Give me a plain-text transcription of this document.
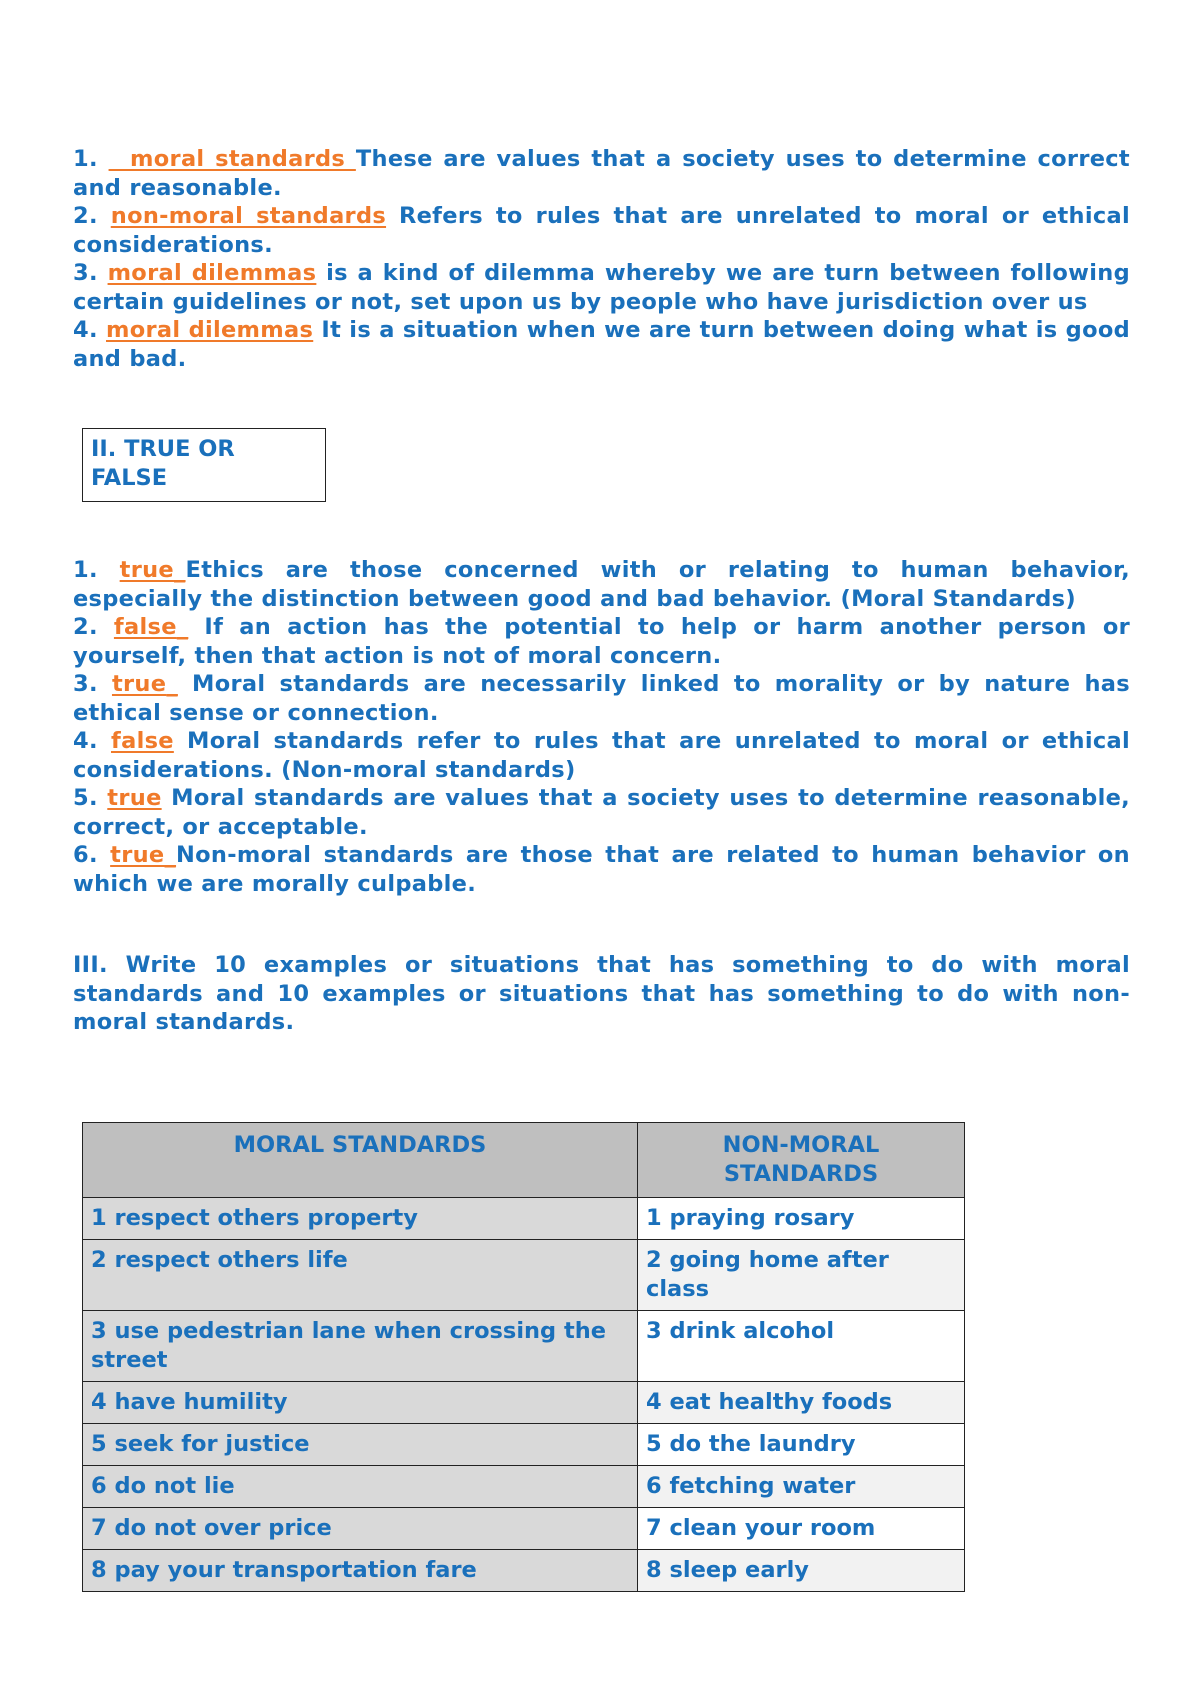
1.   moral standards These are values that a society uses to determine correct and reasonable.

2. non-moral standards Refers to rules that are unrelated to moral or ethical considerations.

3. moral dilemmas is a kind of dilemma whereby we are turn between following certain guidelines or not, set upon us by people who have jurisdiction over us

4. moral dilemmas It is a situation when we are turn between doing what is good and bad.

II. TRUE OR FALSE

1. true_Ethics are those concerned with or relating to human behavior, especially the distinction between good and bad behavior. (Moral Standards)

2. false_ If an action has the potential to help or harm another person or yourself, then that action is not of moral concern.

3. true_ Moral standards are necessarily linked to morality or by nature has ethical sense or connection.

4. false Moral standards refer to rules that are unrelated to moral or ethical considerations. (Non-moral standards)

5. true Moral standards are values that a society uses to determine reasonable, correct, or acceptable.

6. true_Non-moral standards are those that are related to human behavior on which we are morally culpable.

III. Write 10 examples or situations that has something to do with moral standards and 10 examples or situations that has something to do with non-moral standards.

MORAL STANDARDS	NON-MORAL STANDARDS
1 respect others property	1 praying rosary
2 respect others life	2 going home after class
3 use pedestrian lane when crossing the street	3 drink alcohol
4 have humility	4 eat healthy foods
5 seek for justice	5 do the laundry
6 do not lie	6 fetching water
7 do not over price	7 clean your room
8 pay your transportation fare	8 sleep early
